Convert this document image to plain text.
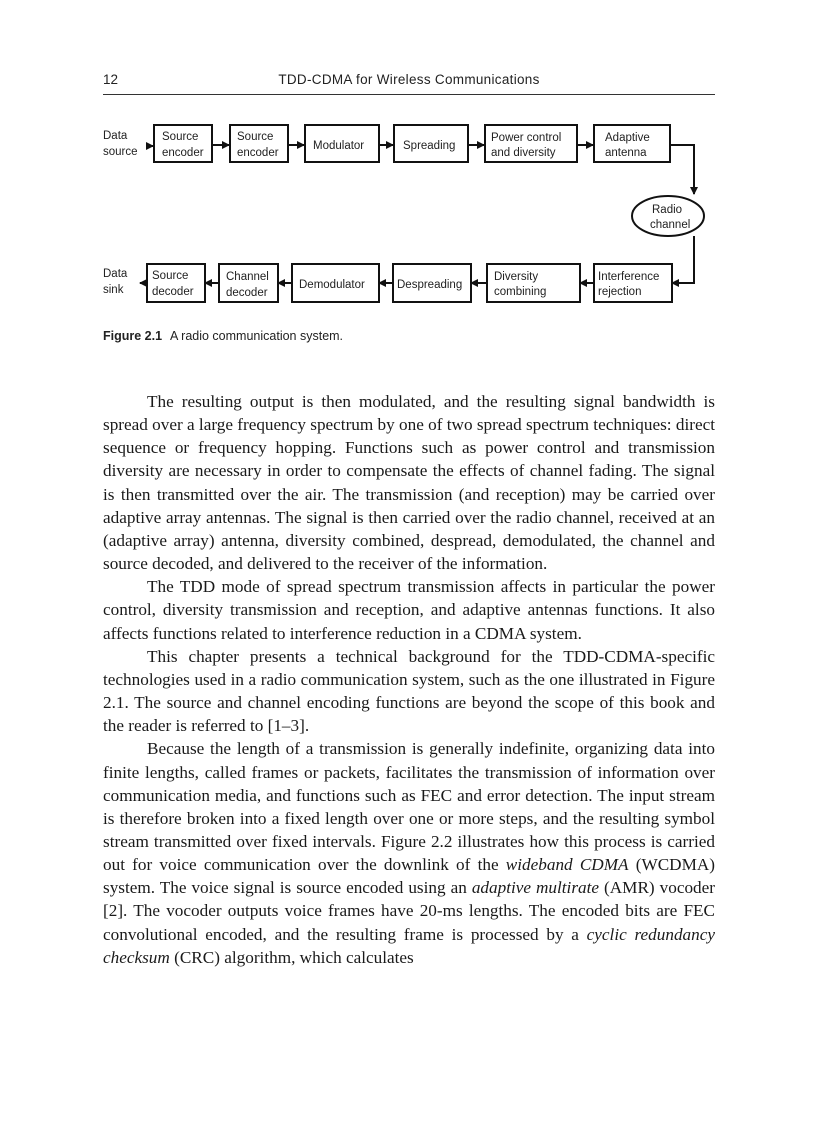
12	TDD-CDMA for Wireless Communications
Data
source
Source
encoder
Source
encoder
Modulator	Spreading
Power control
and diversity
Adaptive
antenna
Radio
channel
Interference
rejection
Diversity
combining
Despreading
Demodulator
Channel
decoder
Source
decoder
Data
sink
Figure 2.1 A radio communication system.

The resulting output is then modulated, and the resulting signal bandwidth is spread over a large frequency spectrum by one of two spread spectrum techniques: direct sequence or frequency hopping. Functions such as power control and transmission diversity are necessary in order to compensate the effects of channel fading. The signal is then transmitted over the air. The transmission (and reception) may be carried over adaptive array antennas. The signal is then carried over the radio channel, received at an (adaptive array) antenna, diversity combined, despread, demodulated, the channel and source decoded, and delivered to the receiver of the information.

The TDD mode of spread spectrum transmission affects in particular the power control, diversity transmission and reception, and adaptive antennas functions. It also affects functions related to interference reduction in a CDMA system.

This chapter presents a technical background for the TDD-CDMA-specific technologies used in a radio communication system, such as the one illustrated in Figure 2.1. The source and channel encoding functions are beyond the scope of this book and the reader is referred to [1–3].

Because the length of a transmission is generally indefinite, organizing data into finite lengths, called frames or packets, facilitates the transmission of information over communication media, and functions such as FEC and error detection. The input stream is therefore broken into a fixed length over one or more steps, and the resulting symbol stream transmitted over fixed intervals. Figure 2.2 illustrates how this process is carried out for voice communication over the downlink of the wideband CDMA (WCDMA) system. The voice signal is source encoded using an adaptive multirate (AMR) vocoder [2]. The vocoder outputs voice frames have 20-ms lengths. The encoded bits are FEC convolutional encoded, and the resulting frame is processed by a cyclic redundancy checksum (CRC) algorithm, which calculates
